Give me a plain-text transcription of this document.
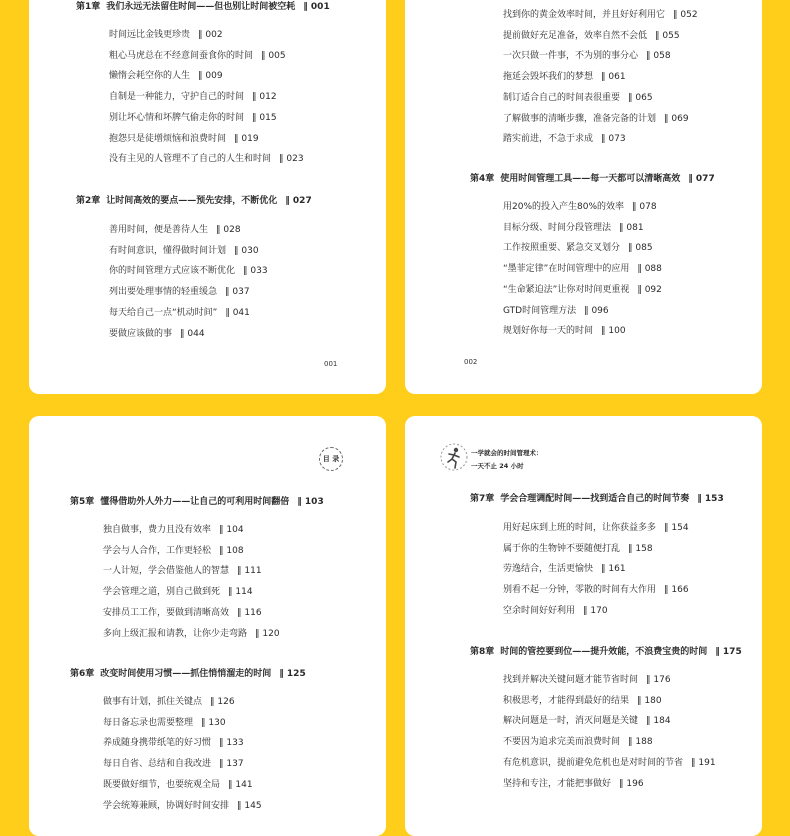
第1章 我们永远无法留住时间——但也别让时间被空耗 ‖ 001
时间远比金钱更珍贵 ‖ 002
粗心马虎总在不经意间蚕食你的时间 ‖ 005
懒惰会耗空你的人生 ‖ 009
自制是一种能力，守护自己的时间 ‖ 012
别让坏心情和坏脾气偷走你的时间 ‖ 015
抱怨只是徒增烦恼和浪费时间 ‖ 019
没有主见的人管理不了自己的人生和时间 ‖ 023
第2章 让时间高效的要点——预先安排，不断优化 ‖ 027
善用时间，便是善待人生 ‖ 028
有时间意识，懂得做时间计划 ‖ 030
你的时间管理方式应该不断优化 ‖ 033
列出要处理事情的轻重缓急 ‖ 037
每天给自己一点“机动时间” ‖ 041
要做应该做的事 ‖ 044
001
找到你的黄金效率时间，并且好好利用它 ‖ 052
提前做好充足准备，效率自然不会低 ‖ 055
一次只做一件事，不为别的事分心 ‖ 058
拖延会毁坏我们的梦想 ‖ 061
制订适合自己的时间表很重要 ‖ 065
了解做事的清晰步骤，准备完备的计划 ‖ 069
踏实前进，不急于求成 ‖ 073
第4章 使用时间管理工具——每一天都可以清晰高效 ‖ 077
用20%的投入产生80%的效率 ‖ 078
目标分级、时间分段管理法 ‖ 081
工作按照重要、紧急交叉划分 ‖ 085
“墨菲定律”在时间管理中的应用 ‖ 088
“生命紧迫法”让你对时间更重视 ‖ 092
GTD时间管理方法 ‖ 096
规划好你每一天的时间 ‖ 100
002
目 录
第5章 懂得借助外人外力——让自己的可利用时间翻倍 ‖ 103
独自做事，费力且没有效率 ‖ 104
学会与人合作，工作更轻松 ‖ 108
一人计短，学会借鉴他人的智慧 ‖ 111
学会管理之道，别自己做到死 ‖ 114
安排员工工作，要做到清晰高效 ‖ 116
多向上级汇报和请教，让你少走弯路 ‖ 120
第6章 改变时间使用习惯——抓住悄悄溜走的时间 ‖ 125
做事有计划，抓住关键点 ‖ 126
每日备忘录也需要整理 ‖ 130
养成随身携带纸笔的好习惯 ‖ 133
每日自省、总结和自我改进 ‖ 137
既要做好细节，也要统观全局 ‖ 141
学会统筹兼顾，协调好时间安排 ‖ 145
一学就会的时间管理术：
一天不止 24 小时
第7章 学会合理调配时间——找到适合自己的时间节奏 ‖ 153
用好起床到上班的时间，让你获益多多 ‖ 154
属于你的生物钟不要随便打乱 ‖ 158
劳逸结合，生活更愉快 ‖ 161
别看不起一分钟，零散的时间有大作用 ‖ 166
空余时间好好利用 ‖ 170
第8章 时间的管控要到位——提升效能，不浪费宝贵的时间 ‖ 175
找到并解决关键问题才能节省时间 ‖ 176
积极思考，才能得到最好的结果 ‖ 180
解决问题是一时，消灭问题是关键 ‖ 184
不要因为追求完美而浪费时间 ‖ 188
有危机意识，提前避免危机也是对时间的节省 ‖ 191
坚持和专注，才能把事做好 ‖ 196
